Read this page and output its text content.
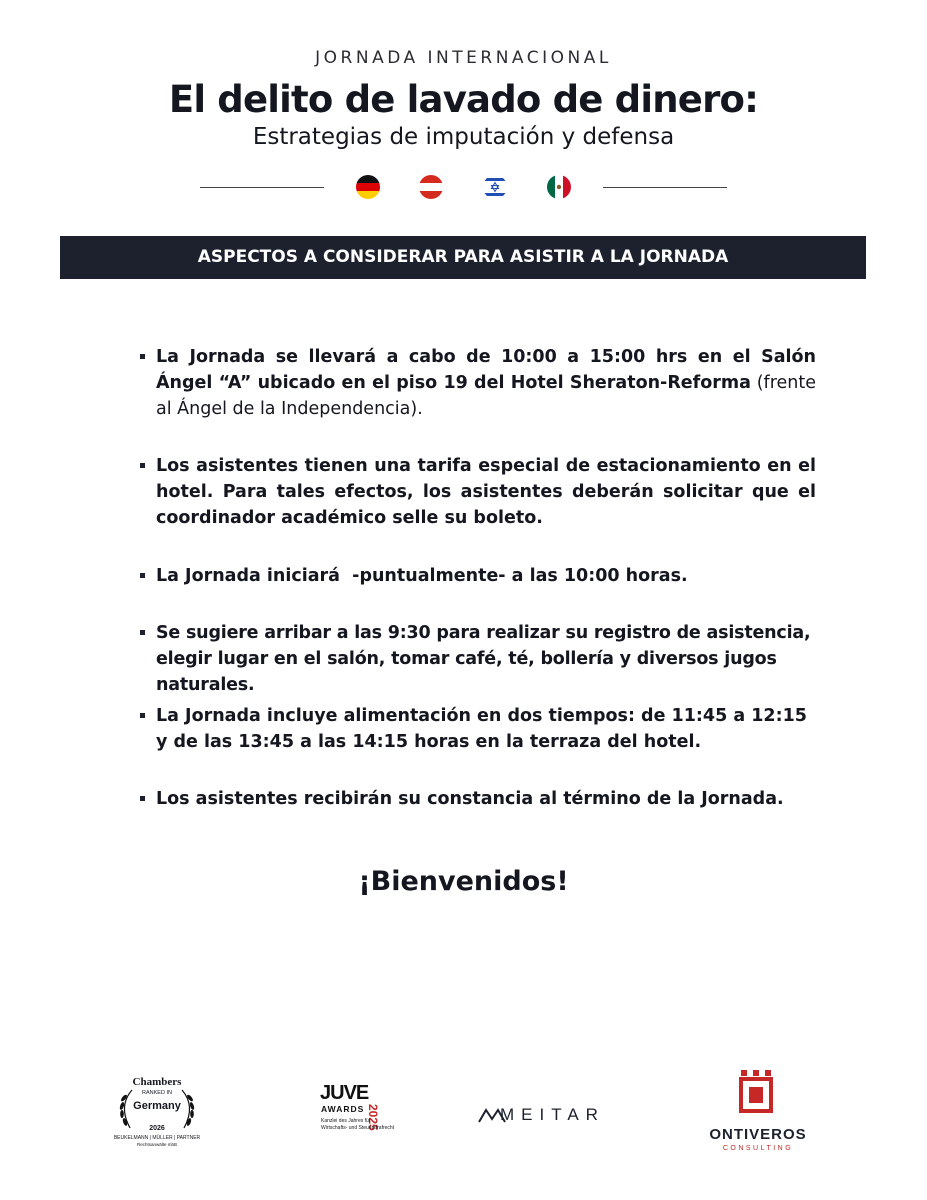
JORNADA INTERNACIONAL
El delito de lavado de dinero:
Estrategias de imputación y defensa
ASPECTOS A CONSIDERAR PARA ASISTIR A LA JORNADA
La Jornada se llevará a cabo de 10:00 a 15:00 hrs en el Salón Ángel “A” ubicado en el piso 19 del Hotel Sheraton-Reforma (frente al Ángel de la Independencia).
Los asistentes tienen una tarifa especial de estacionamiento en el hotel. Para tales efectos, los asistentes deberán solicitar que el coordinador académico selle su boleto.
La Jornada iniciará  -puntualmente- a las 10:00 horas.
Se sugiere arribar a las 9:30 para realizar su registro de asistencia, elegir lugar en el salón, tomar café, té, bollería y diversos jugos naturales.
La Jornada incluye alimentación en dos tiempos: de 11:45 a 12:15 y de las 13:45 a las 14:15 horas en la terraza del hotel.
Los asistentes recibirán su constancia al término de la Jornada.
¡Bienvenidos!
Chambers
RANKED IN
Germany
2026
BEUKELMANN | MÜLLER | PARTNER
Rechtsanwälte mbB
JUVE
AWARDS 2025
Kanzlei des Jahres für
Wirtschafts- und Steuerstrafrecht
MEITAR
ONTIVEROS
CONSULTING
